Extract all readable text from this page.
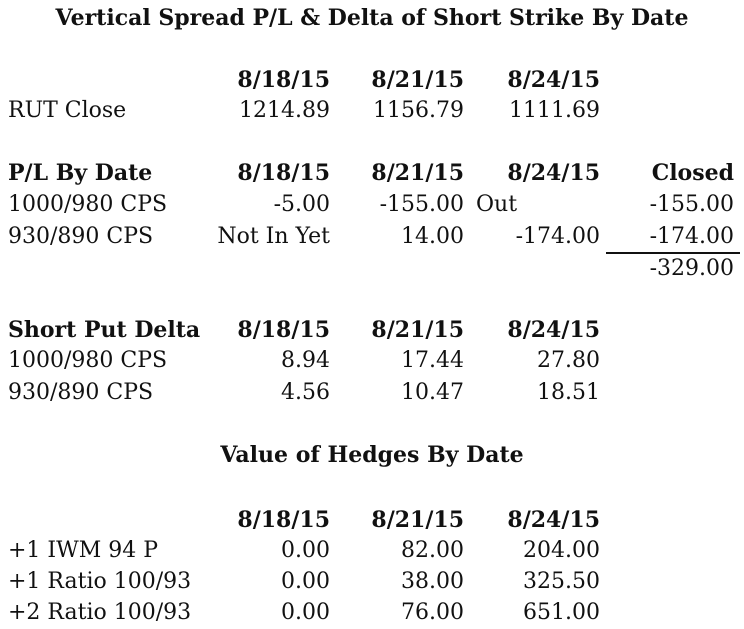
Vertical Spread P/L & Delta of Short Strike By Date
8/18/15 8/21/15 8/24/15
RUT Close	1214.89 1156.79 1111.69
P/L By Date	8/18/15 8/21/15 8/24/15 Closed
1000/980 CPS	-5.00 -155.00 Out	-155.00
930/890 CPS	Not In Yet	14.00 -174.00 -174.00
-329.00
Short Put Delta 8/18/15 8/21/15 8/24/15
1000/980 CPS	8.94	17.44	27.80
930/890 CPS	4.56	10.47	18.51
Value of Hedges By Date
8/18/15 8/21/15 8/24/15
+1 IWM 94 P	0.00	82.00	204.00
+1 Ratio 100/93	0.00	38.00	325.50
+2 Ratio 100/93	0.00	76.00	651.00
